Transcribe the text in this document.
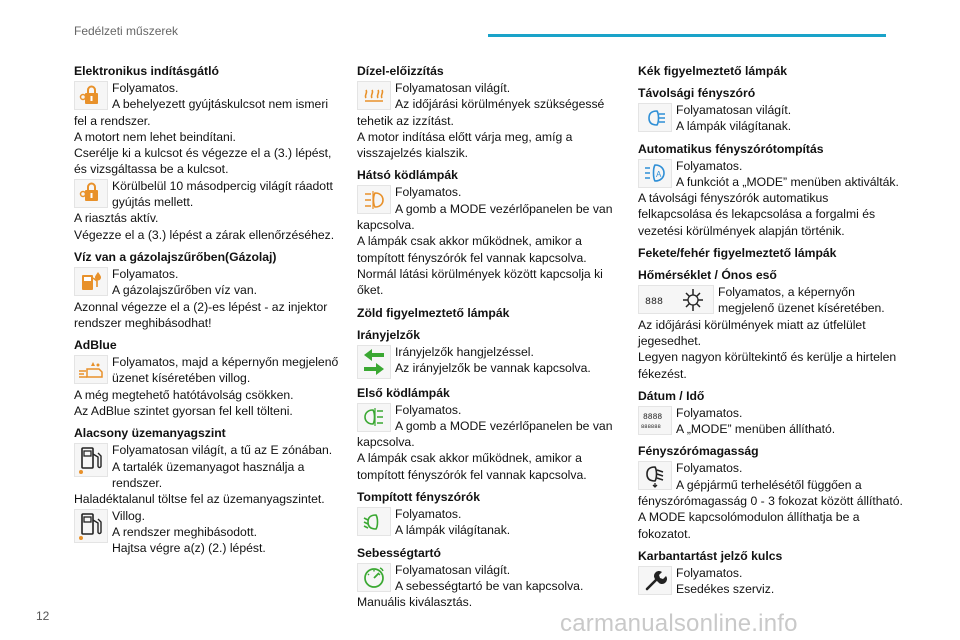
Fedélzeti műszerek
Elektronikus indításgátló
Folyamatos.
A behelyezett gyújtáskulcsot nem ismeri
fel a rendszer.
A motort nem lehet beindítani.
Cserélje ki a kulcsot és végezze el a (3.) lépést,
és vizsgáltassa be a kulcsot.
Körülbelül 10 másodpercig világít ráadott
gyújtás mellett.
A riasztás aktív.
Végezze el a (3.) lépést a zárak ellenőrzéséhez.
Víz van a gázolajszűrőben(Gázolaj)
Folyamatos.
A gázolajszűrőben víz van.
Azonnal végezze el a (2)-es lépést - az injektor
rendszer meghibásodhat!
AdBlue
Folyamatos, majd a képernyőn megjelenő
üzenet kíséretében villog.
A még megtehető hatótávolság csökken.
Az AdBlue szintet gyorsan fel kell tölteni.
Alacsony üzemanyagszint
Folyamatosan világít, a tű az E zónában.
A tartalék üzemanyagot használja a
rendszer.
Haladéktalanul töltse fel az üzemanyagszintet.
Villog.
A rendszer meghibásodott.
Hajtsa végre a(z) (2.) lépést.
Dízel-előizzítás
Folyamatosan világít.
Az időjárási körülmények szükségessé
tehetik az izzítást.
A motor indítása előtt várja meg, amíg a
visszajelzés kialszik.
Hátsó ködlámpák
Folyamatos.
A gomb a MODE vezérlőpanelen be van
kapcsolva.
A lámpák csak akkor működnek, amikor a
tompított fényszórók fel vannak kapcsolva.
Normál látási körülmények között kapcsolja ki
őket.
Zöld figyelmeztető lámpák
Irányjelzők
Irányjelzők hangjelzéssel.
Az irányjelzők be vannak kapcsolva.
Első ködlámpák
Folyamatos.
A gomb a MODE vezérlőpanelen be van
kapcsolva.
A lámpák csak akkor működnek, amikor a
tompított fényszórók fel vannak kapcsolva.
Tompított fényszórók
Folyamatos.
A lámpák világítanak.
Sebességtartó
Folyamatosan világít.
A sebességtartó be van kapcsolva.
Manuális kiválasztás.
Kék figyelmeztető lámpák
Távolsági fényszóró
Folyamatosan világít.
A lámpák világítanak.
Automatikus fényszórótompítás
A
Folyamatos.
A funkciót a „MODE” menüben aktiválták.
A távolsági fényszórók automatikus
felkapcsolása és lekapcsolása a forgalmi és
vezetési körülmények alapján történik.
Fekete/fehér figyelmeztető lámpák
Hőmérséklet / Ónos eső
888
Folyamatos, a képernyőn
megjelenő üzenet kíséretében.
Az időjárási körülmények miatt az útfelület
jegesedhet.
Legyen nagyon körültekintő és kerülje a hirtelen
fékezést.
Dátum / Idő
8888
888888
Folyamatos.
A „MODE” menüben állítható.
Fényszórómagasság
Folyamatos.
A gépjármű terhelésétől függően a
fényszórómagasság 0 - 3 fokozat között állítható.
A MODE kapcsolómodulon állíthatja be a
fokozatot.
Karbantartást jelző kulcs
Folyamatos.
Esedékes szerviz.
12	carmanualsonline.info
